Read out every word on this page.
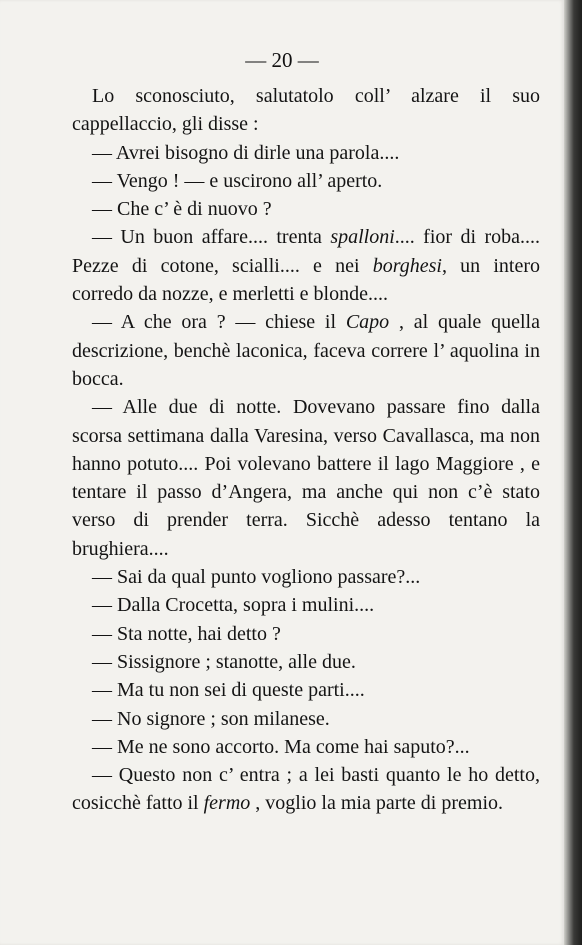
— 20 —

Lo sconosciuto, salutatolo coll’ alzare il suo cappellaccio, gli disse :

— Avrei bisogno di dirle una parola....

— Vengo ! — e uscirono all’ aperto.

— Che c’ è di nuovo ?

— Un buon affare.... trenta spalloni.... fior di roba.... Pezze di cotone, scialli.... e nei borghesi, un intero corredo da nozze, e merletti e blonde....

— A che ora ? — chiese il Capo , al quale quella descrizione, benchè laconica, faceva correre l’ aquolina in bocca.

— Alle due di notte. Dovevano passare fino dalla scorsa settimana dalla Varesina, verso Cavallasca, ma non hanno potuto.... Poi volevano battere il lago Maggiore , e tentare il passo d’Angera, ma anche qui non c’è stato verso di prender terra. Sicchè adesso tentano la brughiera....

— Sai da qual punto vogliono passare?...

— Dalla Crocetta, sopra i mulini....

— Sta notte, hai detto ?

— Sissignore ; stanotte, alle due.

— Ma tu non sei di queste parti....

— No signore ; son milanese.

— Me ne sono accorto. Ma come hai saputo?...

— Questo non c’ entra ; a lei basti quanto le ho detto, cosicchè fatto il fermo , voglio la mia parte di premio.
